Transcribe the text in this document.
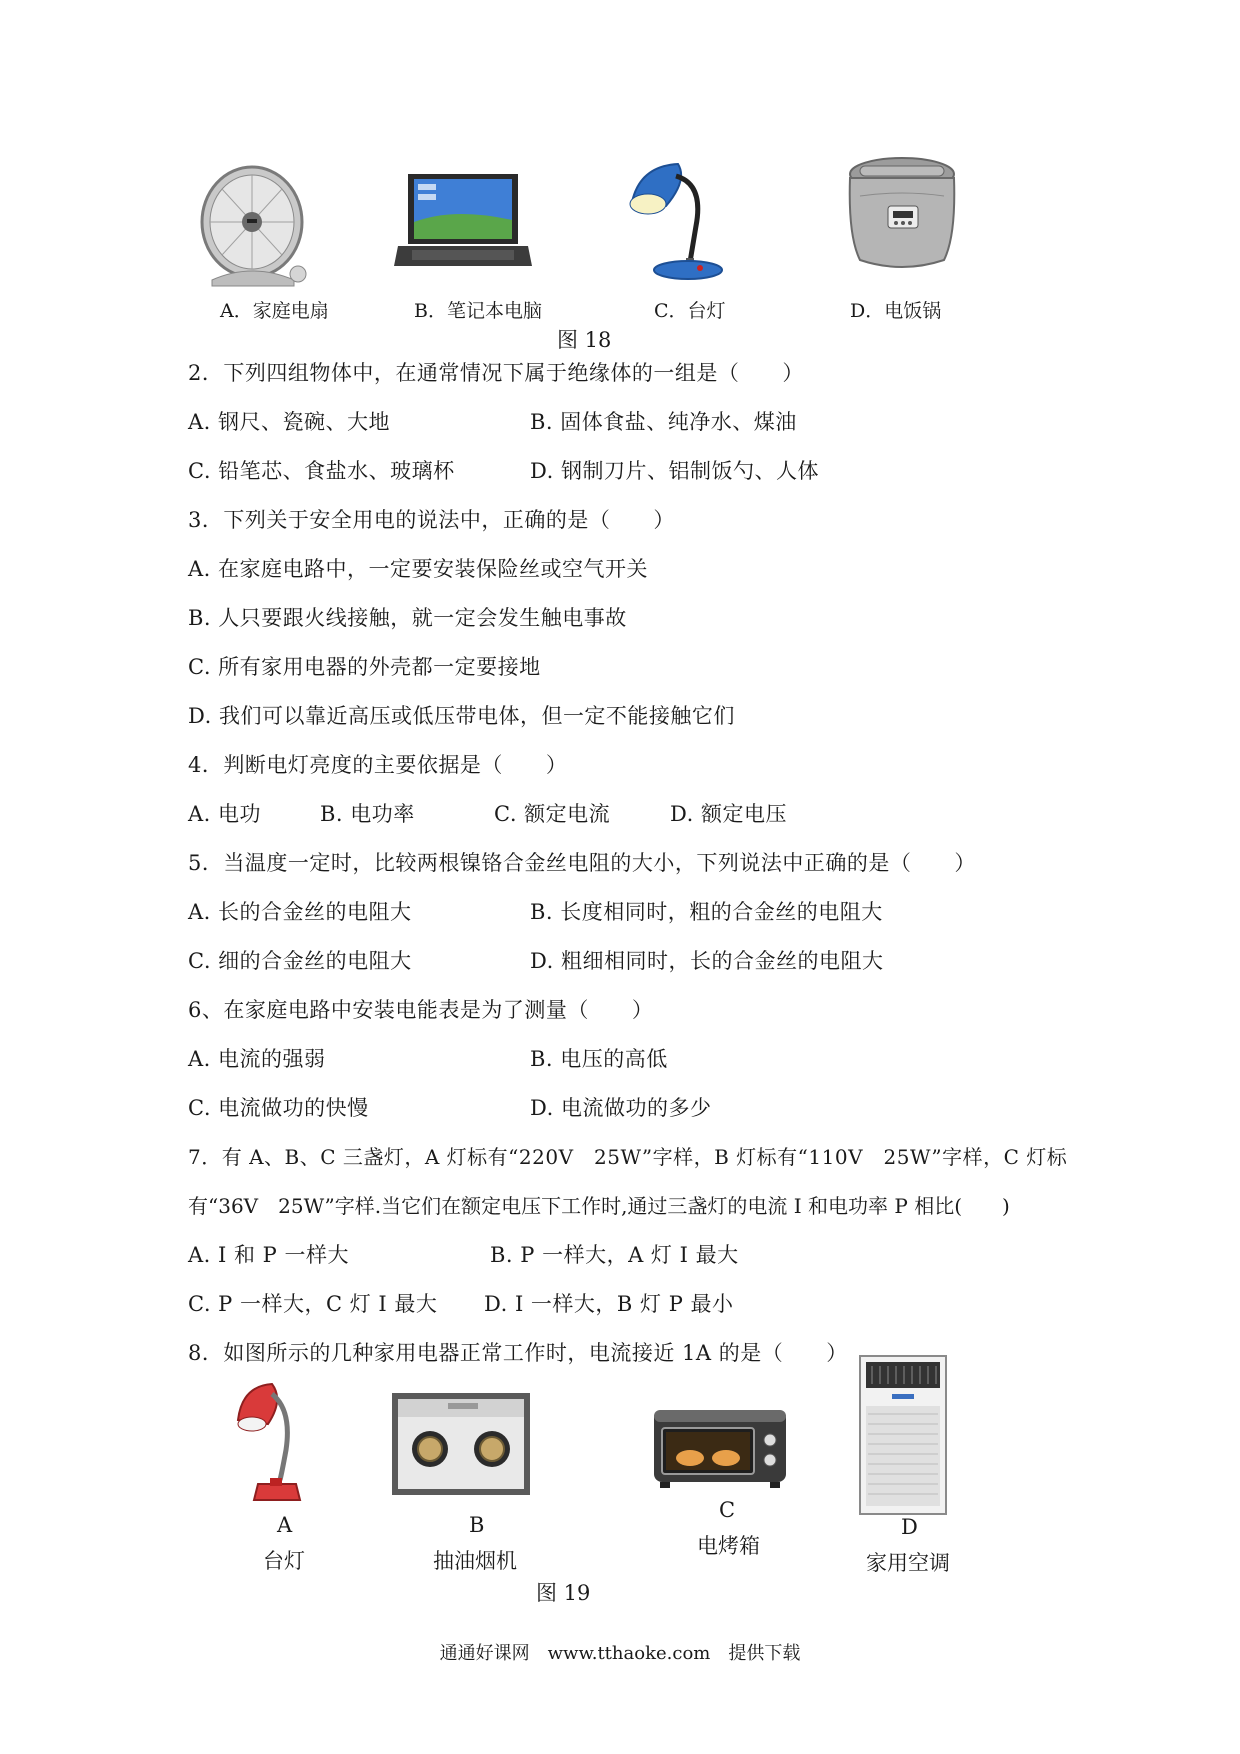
A．家庭电扇	B．笔记本电脑	C．台灯	D．电饭锅
图 18
2．下列四组物体中，在通常情况下属于绝缘体的一组是（　　）
A. 钢尺、瓷碗、大地	B. 固体食盐、纯净水、煤油
C. 铅笔芯、食盐水、玻璃杯	D. 钢制刀片、铝制饭勺、人体
3．下列关于安全用电的说法中，正确的是（　　）
A. 在家庭电路中，一定要安装保险丝或空气开关
B. 人只要跟火线接触，就一定会发生触电事故
C. 所有家用电器的外壳都一定要接地
D. 我们可以靠近高压或低压带电体，但一定不能接触它们
4．判断电灯亮度的主要依据是（　　）
A. 电功	B. 电功率	C. 额定电流	D. 额定电压
5．当温度一定时，比较两根镍铬合金丝电阻的大小，下列说法中正确的是（　　）
A. 长的合金丝的电阻大	B. 长度相同时，粗的合金丝的电阻大
C. 细的合金丝的电阻大	D. 粗细相同时，长的合金丝的电阻大
6、在家庭电路中安装电能表是为了测量（　　）
A. 电流的强弱	B. 电压的高低
C. 电流做功的快慢	D. 电流做功的多少
7．有 A、B、C 三盏灯，A 灯标有“220V　25W”字样，B 灯标有“110V　25W”字样，C 灯标
有“36V　25W”字样.当它们在额定电压下工作时,通过三盏灯的电流 I 和电功率 P 相比(　　)
A. I 和 P 一样大	B. P 一样大，A 灯 I 最大
C. P 一样大，C 灯 I 最大 D. I 一样大，B 灯 P 最小
8．如图所示的几种家用电器正常工作时，电流接近 1A 的是（　　）
A
台灯
B
抽油烟机
C
电烤箱
D
家用空调
图 19
通通好课网　www.tthaoke.com　提供下载
